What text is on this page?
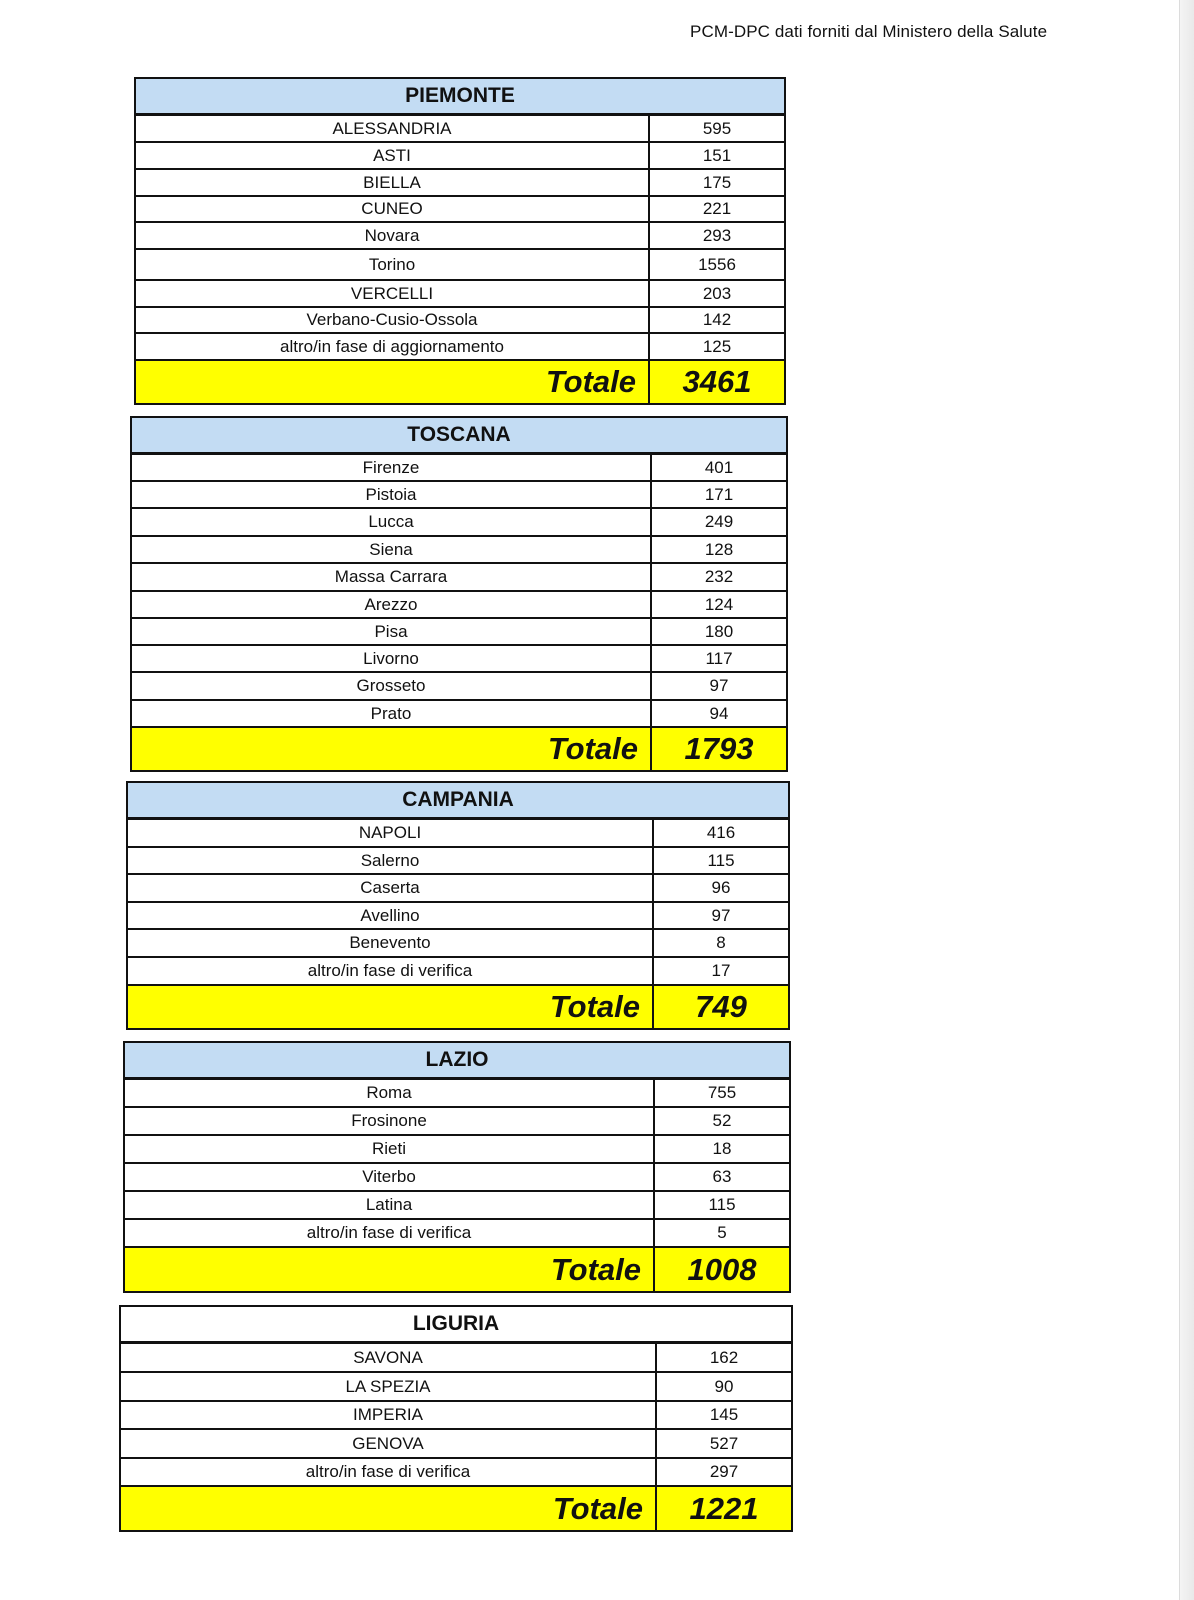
PCM-DPC dati forniti dal Ministero della Salute
PIEMONTE
ALESSANDRIA	595
ASTI	151
BIELLA	175
CUNEO	221
Novara	293
Torino	1556
VERCELLI	203
Verbano-Cusio-Ossola	142
altro/in fase di aggiornamento	125
Totale	3461
TOSCANA
Firenze	401
Pistoia	171
Lucca	249
Siena	128
Massa Carrara	232
Arezzo	124
Pisa	180
Livorno	117
Grosseto	97
Prato	94
Totale	1793
CAMPANIA
NAPOLI	416
Salerno	115
Caserta	96
Avellino	97
Benevento	8
altro/in fase di verifica	17
Totale	749
LAZIO
Roma	755
Frosinone	52
Rieti	18
Viterbo	63
Latina	115
altro/in fase di verifica	5
Totale	1008
LIGURIA
SAVONA	162
LA SPEZIA	90
IMPERIA	145
GENOVA	527
altro/in fase di verifica	297
Totale	1221
